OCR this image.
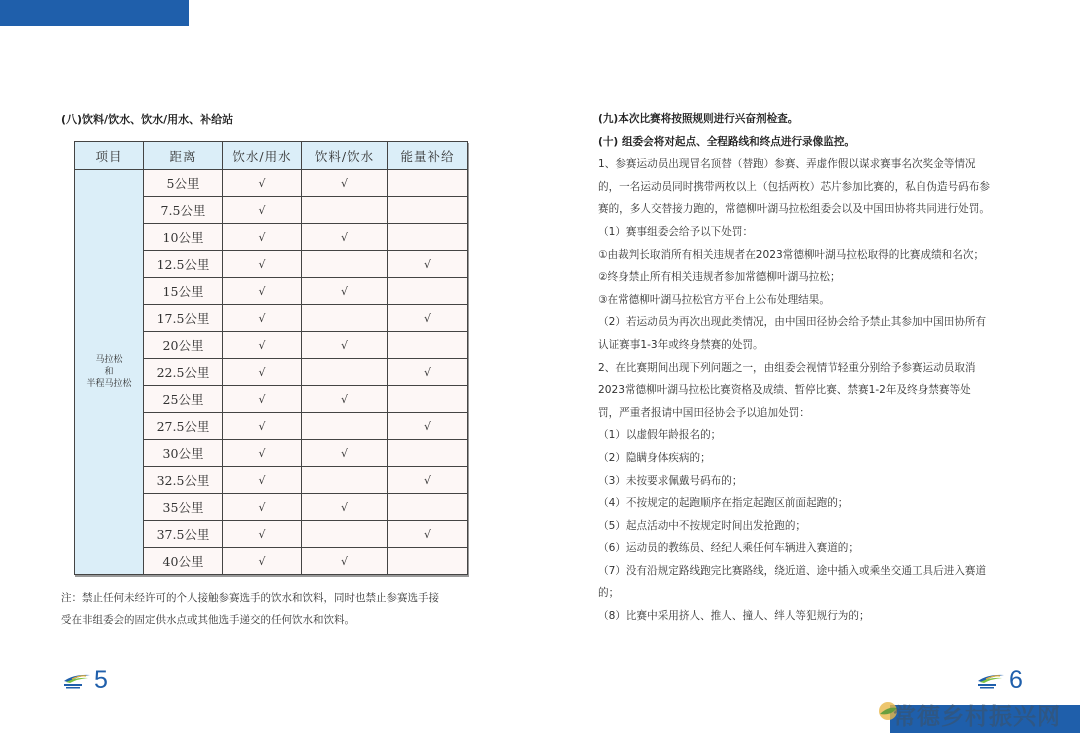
(八)饮料/饮水、饮水/用水、补给站
项目	距离	饮水/用水	饮料/饮水	能量补给

马拉松
和
半程马拉松	5公里	√	√	
	7.5公里	√		
	10公里	√	√	
	12.5公里	√		√
	15公里	√	√	
	17.5公里	√		√
	20公里	√	√	
	22.5公里	√		√
	25公里	√	√	
	27.5公里	√		√
	30公里	√	√	
	32.5公里	√		√
	35公里	√	√	
	37.5公里	√		√
	40公里	√	√	
注：禁止任何未经许可的个人接触参赛选手的饮水和饮料，同时也禁止参赛选手接
受在非组委会的固定供水点或其他选手递交的任何饮水和饮料。
5

(九)本次比赛将按照规则进行兴奋剂检查。

(十) 组委会将对起点、全程路线和终点进行录像监控。

1、参赛运动员出现冒名顶替（替跑）参赛、弄虚作假以谋求赛事名次奖金等情况

的，一名运动员同时携带两枚以上（包括两枚）芯片参加比赛的，私自伪造号码布参

赛的，多人交替接力跑的，常德柳叶湖马拉松组委会以及中国田协将共同进行处罚。

（1）赛事组委会给予以下处罚：

①由裁判长取消所有相关违规者在2023常德柳叶湖马拉松取得的比赛成绩和名次；

②终身禁止所有相关违规者参加常德柳叶湖马拉松；

③在常德柳叶湖马拉松官方平台上公布处理结果。

（2）若运动员为再次出现此类情况，由中国田径协会给予禁止其参加中国田协所有

认证赛事1-3年或终身禁赛的处罚。

2、在比赛期间出现下列问题之一，由组委会视情节轻重分别给予参赛运动员取消

2023常德柳叶湖马拉松比赛资格及成绩、暂停比赛、禁赛1-2年及终身禁赛等处

罚，严重者报请中国田径协会予以追加处罚：

（1）以虚假年龄报名的；

（2）隐瞒身体疾病的；

（3）未按要求佩戴号码布的；

（4）不按规定的起跑顺序在指定起跑区前面起跑的；

（5）起点活动中不按规定时间出发抢跑的；

（6）运动员的教练员、经纪人乘任何车辆进入赛道的；

（7）没有沿规定路线跑完比赛路线，绕近道、途中插入或乘坐交通工具后进入赛道

的；

（8）比赛中采用挤人、推人、撞人、绊人等犯规行为的；

6
常德乡村振兴网
